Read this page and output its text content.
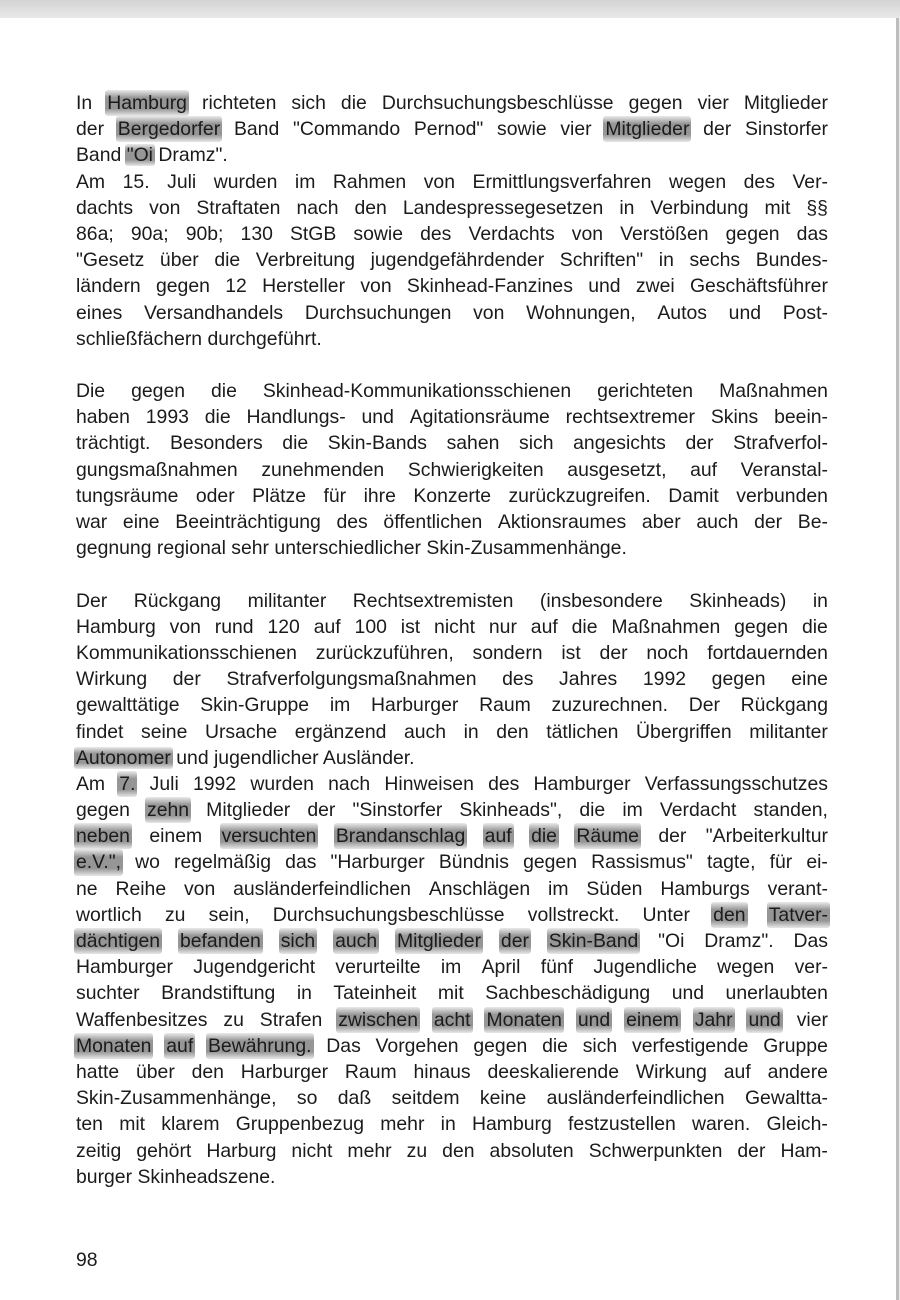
In Hamburg richteten sich die Durchsuchungsbeschlüsse gegen vier Mitglieder
der Bergedorfer Band "Commando Pernod" sowie vier Mitglieder der Sinstorfer
Band "Oi Dramz".
Am 15. Juli wurden im Rahmen von Ermittlungsverfahren wegen des Ver-
dachts von Straftaten nach den Landespressegesetzen in Verbindung mit §§
86a; 90a; 90b; 130 StGB sowie des Verdachts von Verstößen gegen das
"Gesetz über die Verbreitung jugendgefährdender Schriften" in sechs Bundes-
ländern gegen 12 Hersteller von Skinhead-Fanzines und zwei Geschäftsführer
eines Versandhandels Durchsuchungen von Wohnungen, Autos und Post-
schließfächern durchgeführt.
Die gegen die Skinhead-Kommunikationsschienen gerichteten Maßnahmen
haben 1993 die Handlungs- und Agitationsräume rechtsextremer Skins beein-
trächtigt. Besonders die Skin-Bands sahen sich angesichts der Strafverfol-
gungsmaßnahmen zunehmenden Schwierigkeiten ausgesetzt, auf Veranstal-
tungsräume oder Plätze für ihre Konzerte zurückzugreifen. Damit verbunden
war eine Beeinträchtigung des öffentlichen Aktionsraumes aber auch der Be-
gegnung regional sehr unterschiedlicher Skin-Zusammenhänge.
Der Rückgang militanter Rechtsextremisten (insbesondere Skinheads) in
Hamburg von rund 120 auf 100 ist nicht nur auf die Maßnahmen gegen die
Kommunikationsschienen zurückzuführen, sondern ist der noch fortdauernden
Wirkung der Strafverfolgungsmaßnahmen des Jahres 1992 gegen eine
gewalttätige Skin-Gruppe im Harburger Raum zuzurechnen. Der Rückgang
findet seine Ursache ergänzend auch in den tätlichen Übergriffen militanter
Autonomer und jugendlicher Ausländer.
Am 7. Juli 1992 wurden nach Hinweisen des Hamburger Verfassungsschutzes
gegen zehn Mitglieder der "Sinstorfer Skinheads", die im Verdacht standen,
neben einem versuchten Brandanschlag auf die Räume der "Arbeiterkultur
e.V.", wo regelmäßig das "Harburger Bündnis gegen Rassismus" tagte, für ei-
ne Reihe von ausländerfeindlichen Anschlägen im Süden Hamburgs verant-
wortlich zu sein, Durchsuchungsbeschlüsse vollstreckt. Unter den Tatver-
dächtigen befanden sich auch Mitglieder der Skin-Band "Oi Dramz". Das
Hamburger Jugendgericht verurteilte im April fünf Jugendliche wegen ver-
suchter Brandstiftung in Tateinheit mit Sachbeschädigung und unerlaubten
Waffenbesitzes zu Strafen zwischen acht Monaten und einem Jahr und vier
Monaten auf Bewährung. Das Vorgehen gegen die sich verfestigende Gruppe
hatte über den Harburger Raum hinaus deeskalierende Wirkung auf andere
Skin-Zusammenhänge, so daß seitdem keine ausländerfeindlichen Gewaltta-
ten mit klarem Gruppenbezug mehr in Hamburg festzustellen waren. Gleich-
zeitig gehört Harburg nicht mehr zu den absoluten Schwerpunkten der Ham-
burger Skinheadszene.
98
